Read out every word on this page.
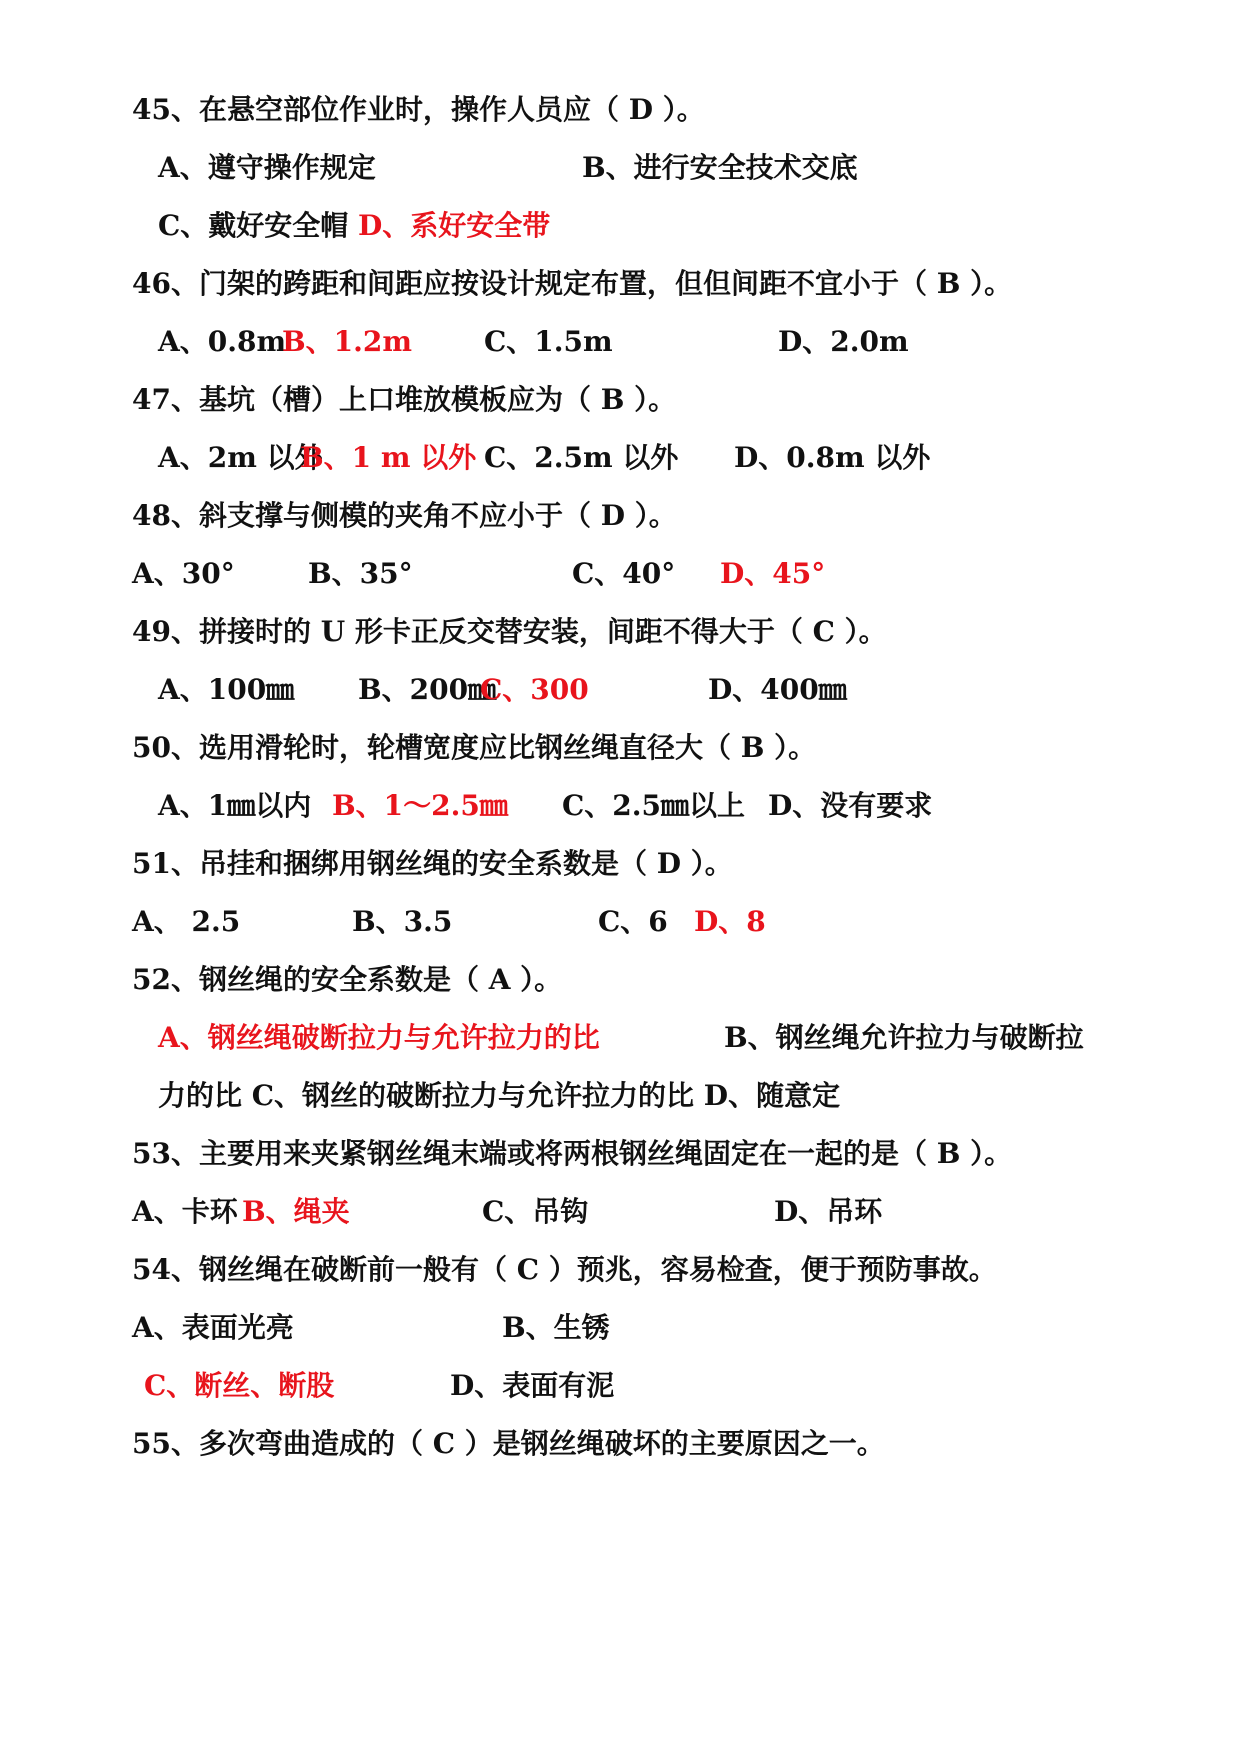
45、在悬空部位作业时，操作人员应（ D ）。
A、遵守操作规定	B、进行安全技术交底
C、戴好安全帽 D、系好安全带
46、门架的跨距和间距应按设计规定布置，但但间距不宜小于（ B ）。
A、0.8m
B、1.2m	C、1.5m	D、2.0m
47、基坑（槽）上口堆放模板应为（ B ）。
A、2m 以外
B、1 m 以外 C、2.5m 以外 D、0.8m 以外
48、斜支撑与侧模的夹角不应小于（ D ）。
A、30°	B、35°	C、40° D、45°
49、拼接时的 U 形卡正反交替安装，间距不得大于（ C ）。
A、100㎜ B、200㎜
C、300	D、400㎜
50、选用滑轮时，轮槽宽度应比钢丝绳直径大（ B ）。
A、1㎜以内 B、1～2.5㎜ C、2.5㎜以上 D、没有要求
51、吊挂和捆绑用钢丝绳的安全系数是（ D ）。
A、 2.5	B、3.5	C、6 D、8
52、钢丝绳的安全系数是（ A ）。
A、钢丝绳破断拉力与允许拉力的比	B、钢丝绳允许拉力与破断拉
力的比 C、钢丝的破断拉力与允许拉力的比 D、随意定
53、主要用来夹紧钢丝绳末端或将两根钢丝绳固定在一起的是（ B ）。
A、卡环 B、绳夹	C、吊钩	D、吊环
54、钢丝绳在破断前一般有（ C ）预兆，容易检查，便于预防事故。
A、表面光亮	B、生锈
C、断丝、断股	D、表面有泥
55、多次弯曲造成的（ C ）是钢丝绳破坏的主要原因之一。
